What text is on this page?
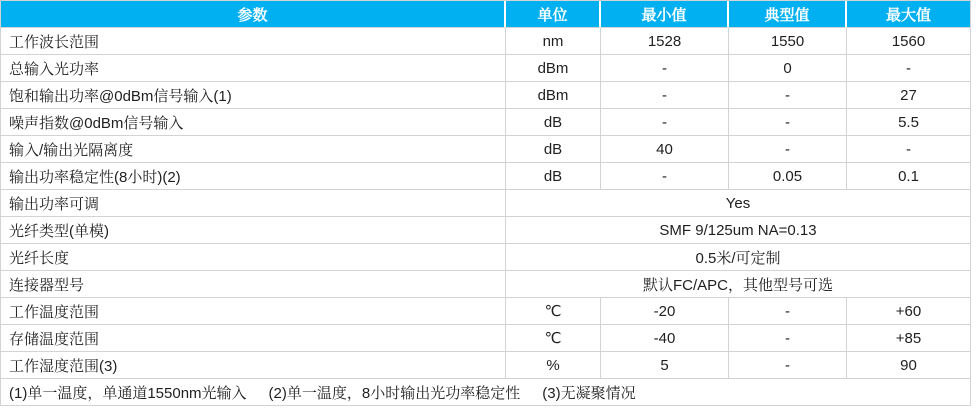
参数	单位	最小值	典型值	最大值
工作波长范围	nm	1528	1550	1560
总输入光功率	dBm	-	0	-
饱和输出功率@0dBm信号输入(1)	dBm	-	-	27
噪声指数@0dBm信号输入	dB	-	-	5.5
输入/输出光隔离度	dB	40	-	-
输出功率稳定性(8小时)(2)	dB	-	0.05	0.1
输出功率可调	Yes			
光纤类型(单模)	SMF 9/125um NA=0.13			
光纤长度	0.5米/可定制			
连接器型号	默认FC/APC，其他型号可选			
工作温度范围	℃	-20	-	+60
存储温度范围	℃	-40	-	+85
工作湿度范围(3)	%	5	-	90
(1)单一温度，单通道1550nm光输入 (2)单一温度，8小时输出光功率稳定性 (3)无凝聚情况				
